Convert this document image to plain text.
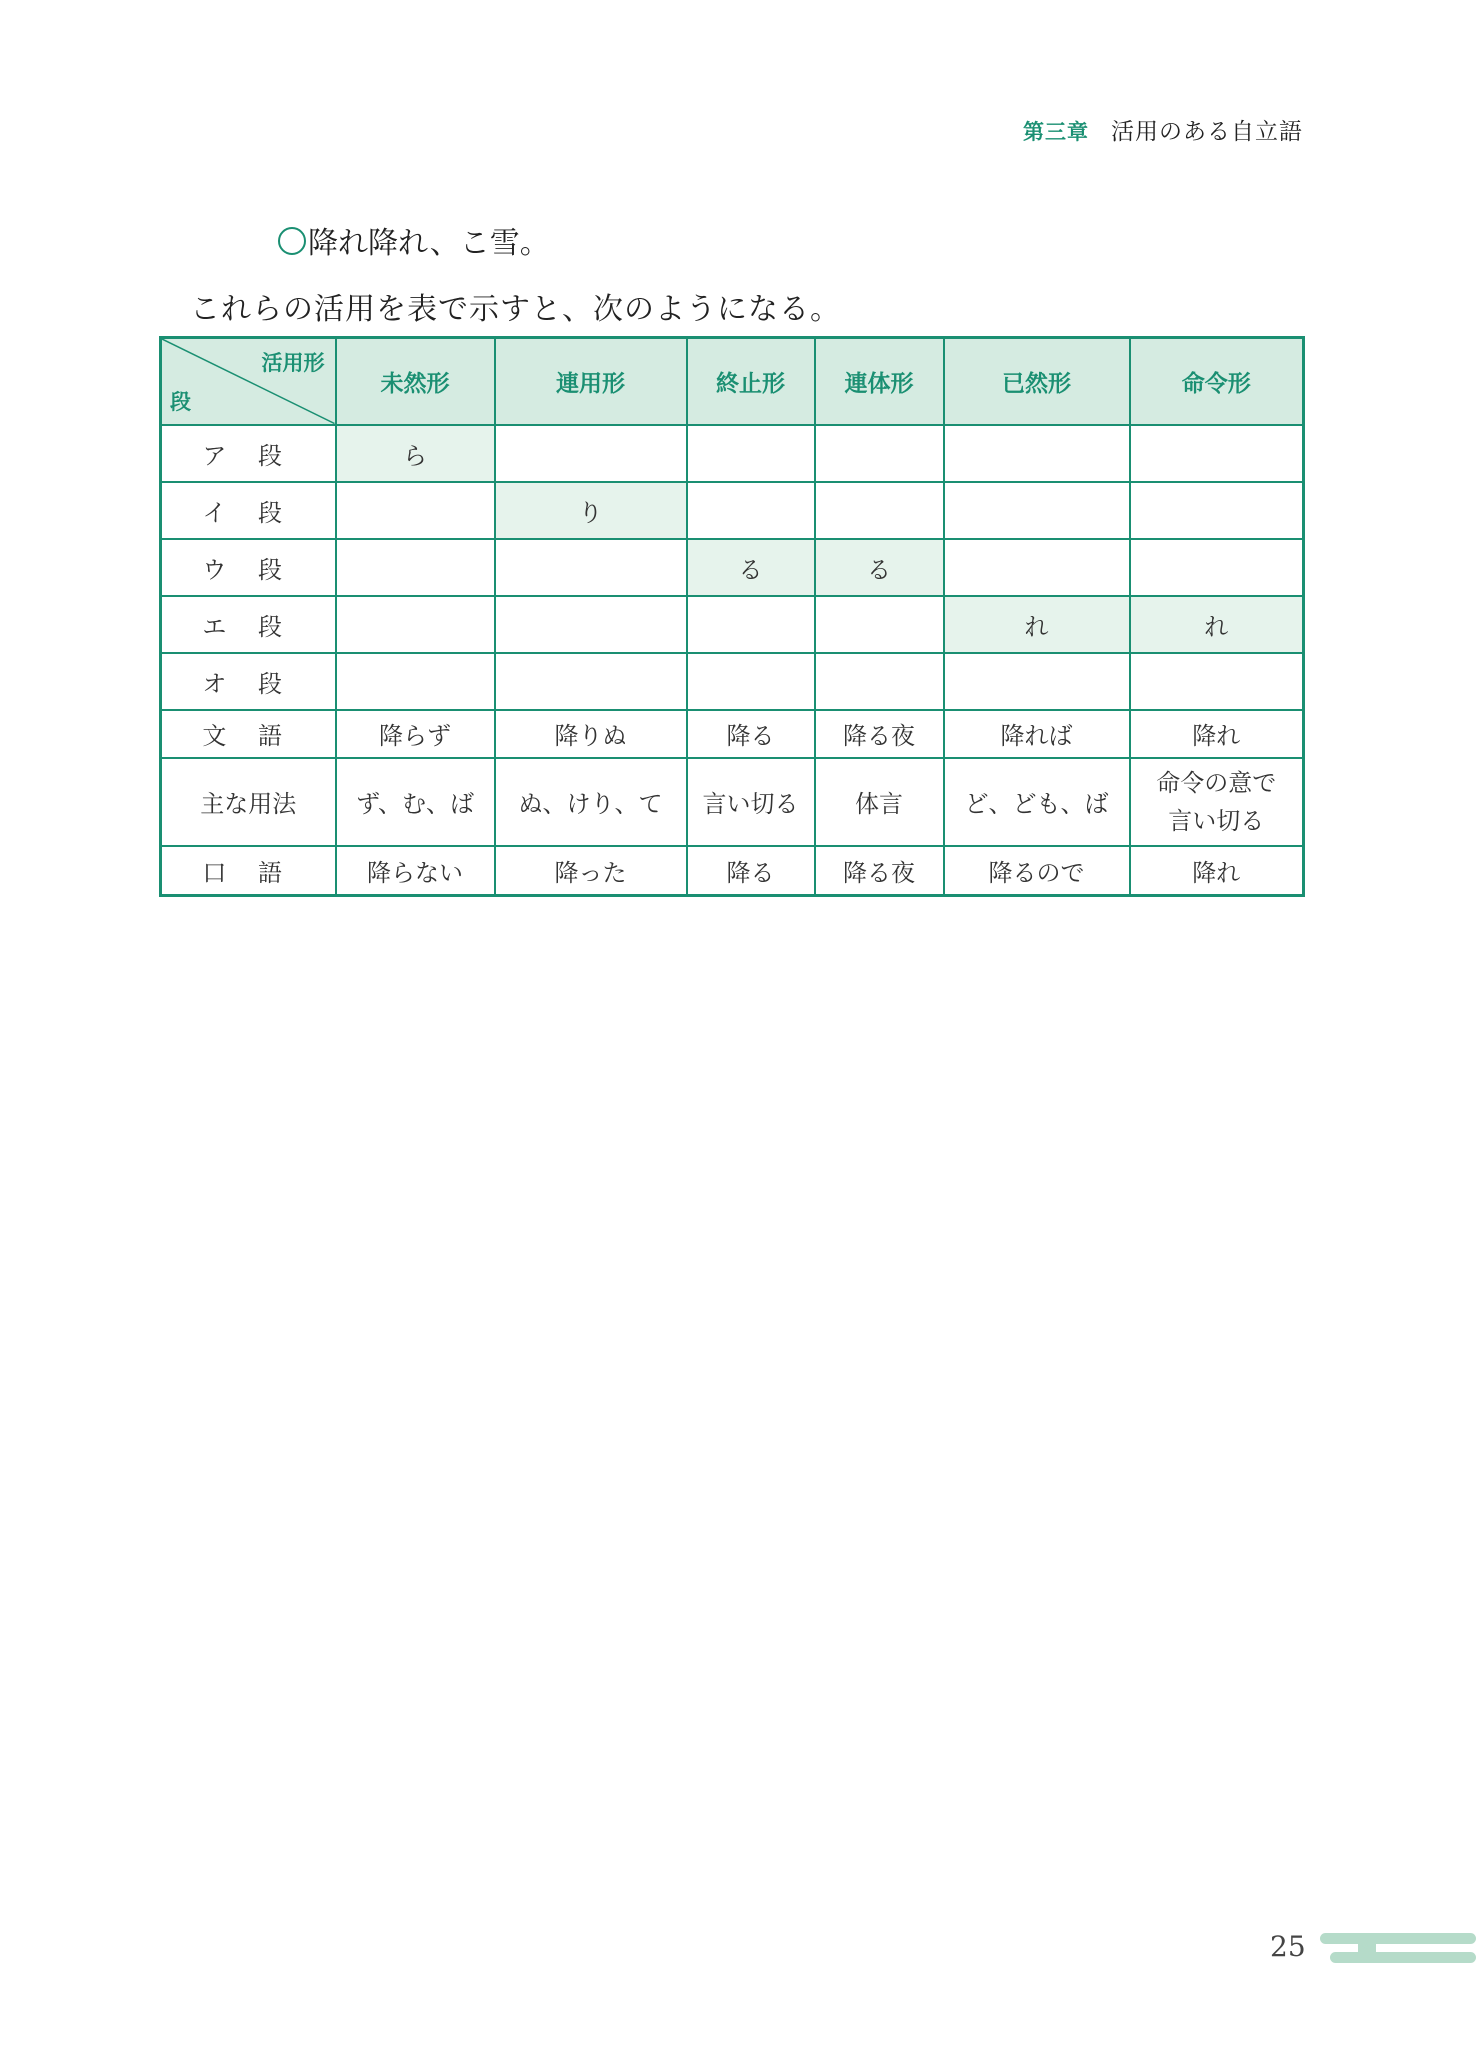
第三章 活用のある自立語
降れ降れ、こ雪。
これらの活用を表で示すと、次のようになる。
活用形
段	未然形	連用形	終止形	連体形	已然形	命令形
ア 段	ら					
イ 段		り				
ウ 段			る	る		
エ 段					れ	れ
オ 段						
文 語	降らず	降りぬ	降る	降る夜	降れば	降れ
主な用法	ず、む、ば	ぬ、けり、て	言い切る	体言	ど、ども、ば	命令の意で
言い切る

口 語	降らない	降った	降る	降る夜	降るので	降れ
25
